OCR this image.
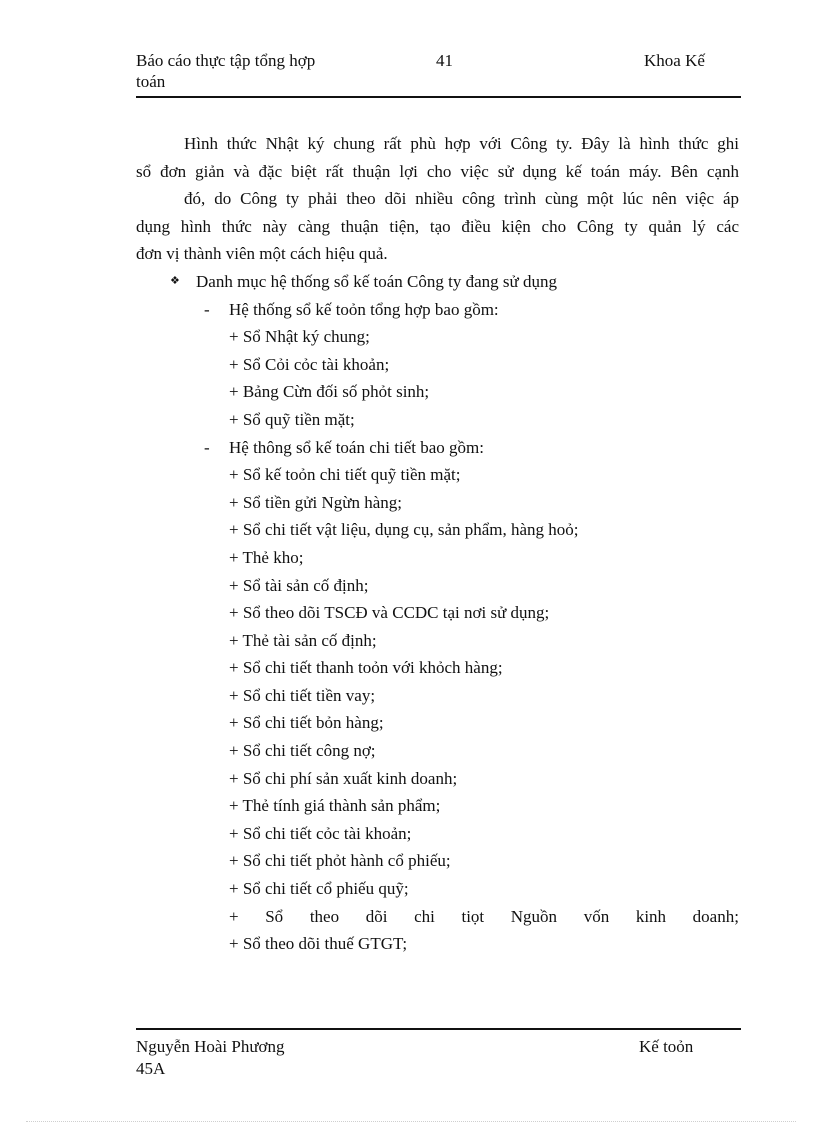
Báo cáo thực tập tổng hợp
toán
41	Khoa Kế
Hình thức Nhật ký chung rất phù hợp với Công ty. Đây là hình thức ghi
sổ đơn giản và đặc biệt rất thuận lợi cho việc sử dụng kế toán máy. Bên cạnh
đó, do Công ty phải theo dõi nhiều công trình cùng một lúc nên việc áp
dụng hình thức này càng thuận tiện, tạo điều kiện cho Công ty quản lý các
đơn vị thành viên một cách hiệu quả.
❖ Danh mục hệ thống sổ kế toán Công ty đang sử dụng
- Hệ thống sổ kế toỏn tổng hợp bao gồm:
+ Sổ Nhật ký chung;
+ Sổ Cỏi cỏc tài khoản;
+ Bảng Cừn đối số phỏt sinh;
+ Sổ quỹ tiền mặt;
- Hệ thông sổ kế toán chi tiết bao gồm:
+ Sổ kế toỏn chi tiết quỹ tiền mặt;
+ Sổ tiền gửi Ngừn hàng;
+ Sổ chi tiết vật liệu, dụng cụ, sản phẩm, hàng hoỏ;
+ Thẻ kho;
+ Sổ tài sản cố định;
+ Sổ theo dõi TSCĐ và CCDC tại nơi sử dụng;
+ Thẻ tài sản cố định;
+ Sổ chi tiết thanh toỏn với khỏch hàng;
+ Sổ chi tiết tiền vay;
+ Sổ chi tiết bỏn hàng;
+ Sổ chi tiết công nợ;
+ Sổ chi phí sản xuất kinh doanh;
+ Thẻ tính giá thành sản phẩm;
+ Sổ chi tiết cỏc tài khoản;
+ Sổ chi tiết phỏt hành cổ phiếu;
+ Sổ chi tiết cổ phiếu quỹ;
+ Sổ theo dõi chi tiọt Nguồn vốn kinh doanh;
+ Sổ theo dõi thuế GTGT;
Nguyễn Hoài Phương
45A
Kế toỏn
